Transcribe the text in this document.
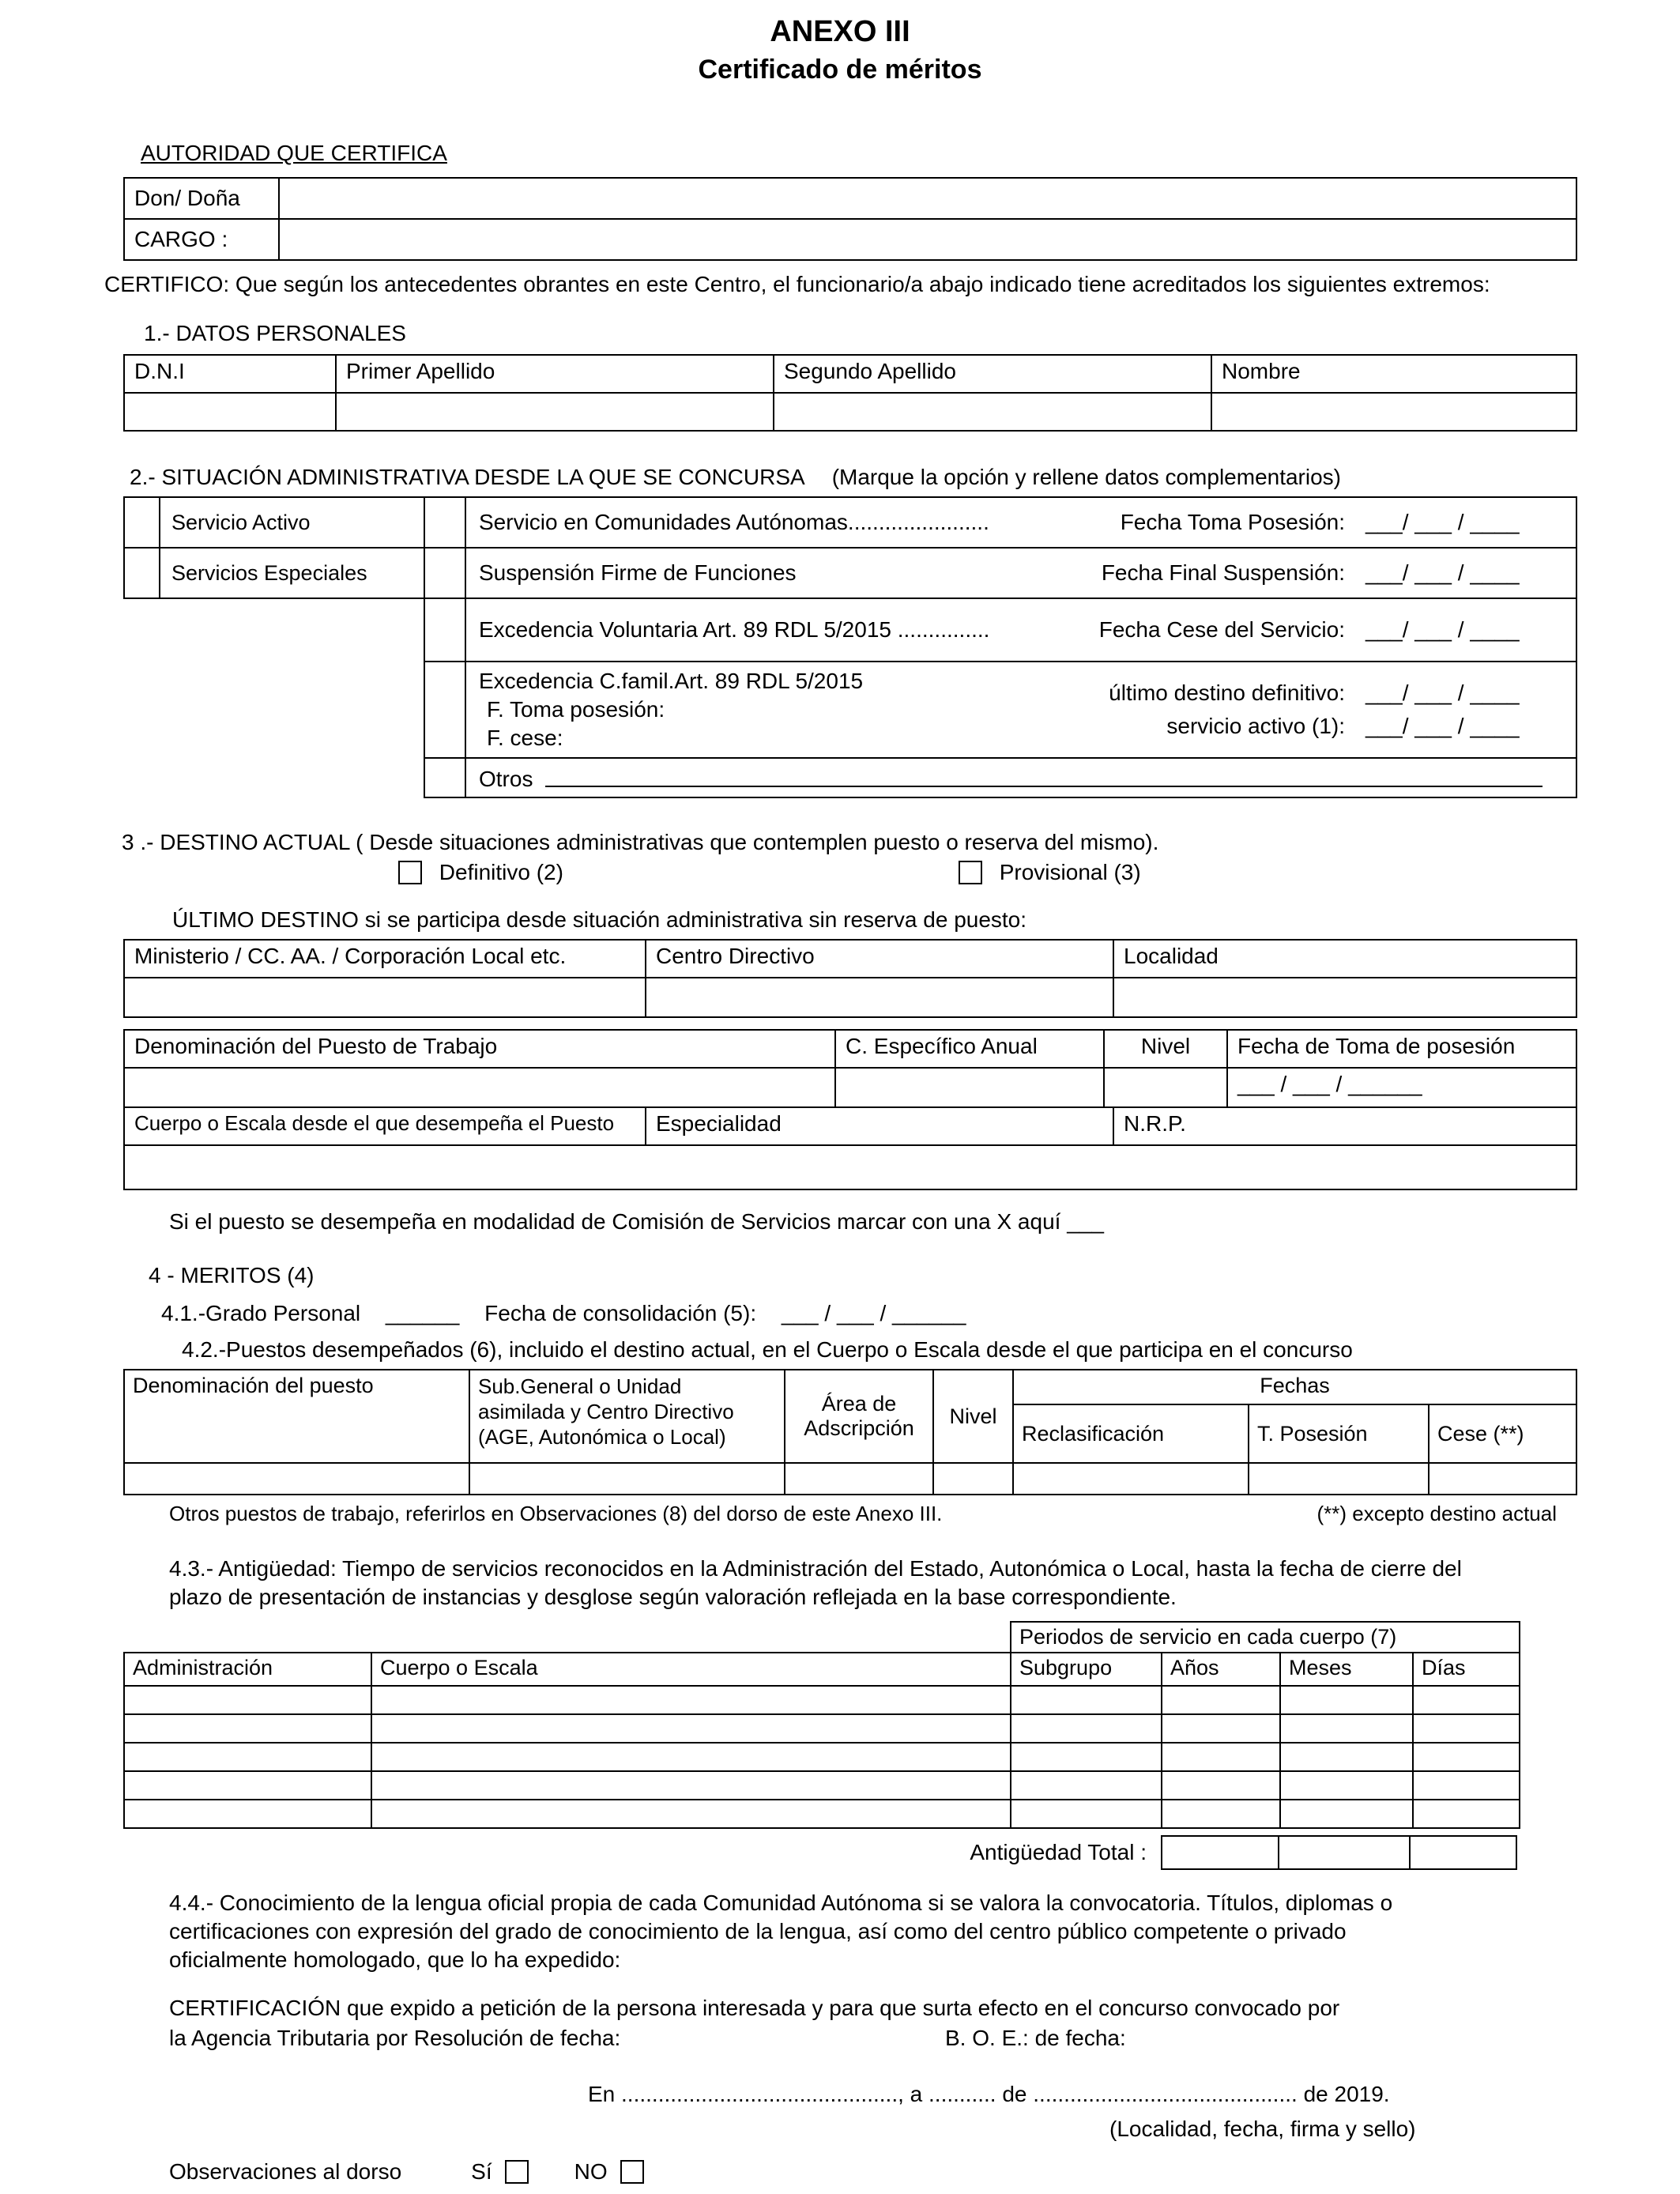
ANEXO III
Certificado de méritos
AUTORIDAD QUE CERTIFICA
Don/ Doña	
CARGO :	

CERTIFICO: Que según los antecedentes obrantes en este Centro, el funcionario/a abajo indicado tiene acreditados los siguientes extremos:

1.- DATOS PERSONALES
D.N.I	Primer Apellido	Segundo Apellido	Nombre

2.- SITUACIÓN ADMINISTRATIVA DESDE LA QUE SE CONCURSA (Marque la opción y rellene datos complementarios)
	Servicio Activo		Servicio en Comunidades Autónomas....................... Fecha Toma Posesión: ___/ ___ / ____

	Servicios Especiales		Suspensión Firme de Funciones Fecha Final Suspensión: ___/ ___ / ____

			Excedencia Voluntaria Art. 89 RDL 5/2015 ............... Fecha Cese del Servicio: ___/ ___ / ____

Excedencia C.famil.Art. 89 RDL 5/2015
F. Toma posesión:
F. cese:
último destino definitivo: ___/ ___ / ____
servicio activo (1): ___/ ___ / ____

			Otros
3 .- DESTINO ACTUAL ( Desde situaciones administrativas que contemplen puesto o reserva del mismo).
Definitivo (2)	Provisional (3)
ÚLTIMO DESTINO si se participa desde situación administrativa sin reserva de puesto:
Ministerio / CC. AA. / Corporación Local etc.	Centro Directivo	Localidad

Denominación del Puesto de Trabajo	C. Específico Anual	Nivel	Fecha de Toma de posesión
			___ / ___ / ______
Cuerpo o Escala desde el que desempeña el Puesto	Especialidad	N.R.P.

Si el puesto se desempeña en modalidad de Comisión de Servicios marcar con una X aquí ___
4 - MERITOS (4)
4.1.-Grado Personal ______ Fecha de consolidación (5): ___ / ___ / ______
4.2.-Puestos desempeñados (6), incluido el destino actual, en el Cuerpo o Escala desde el que participa en el concurso
Denominación del puesto	Sub.General o Unidad
asimilada y Centro Directivo
(AGE, Autonómica o Local)	Área de Adscripción	Nivel	Fechas		
				Reclasificación	T. Posesión	Cese (**)

Otros puestos de trabajo, referirlos en Observaciones (8) del dorso de este Anexo III.	(**) excepto destino actual
4.3.- Antigüedad: Tiempo de servicios reconocidos en la Administración del Estado, Autonómica o Local, hasta la fecha de cierre del plazo de presentación de instancias y desglose según valoración reflejada en la base correspondiente.
		Periodos de servicio en cada cuerpo (7)			
Administración	Cuerpo o Escala	Subgrupo	Años	Meses	Días

Antigüedad Total :
4.4.- Conocimiento de la lengua oficial propia de cada Comunidad Autónoma si se valora la convocatoria. Títulos, diplomas o certificaciones con expresión del grado de conocimiento de la lengua, así como del centro público competente o privado oficialmente homologado, que lo ha expedido:
CERTIFICACIÓN que expido a petición de la persona interesada y para que surta efecto en el concurso convocado por
la Agencia Tributaria por Resolución de fecha:	B. O. E.: de fecha:
En ............................................., a ........... de ........................................... de 2019.
(Localidad, fecha, firma y sello)
Observaciones al dorso	Sí	NO
